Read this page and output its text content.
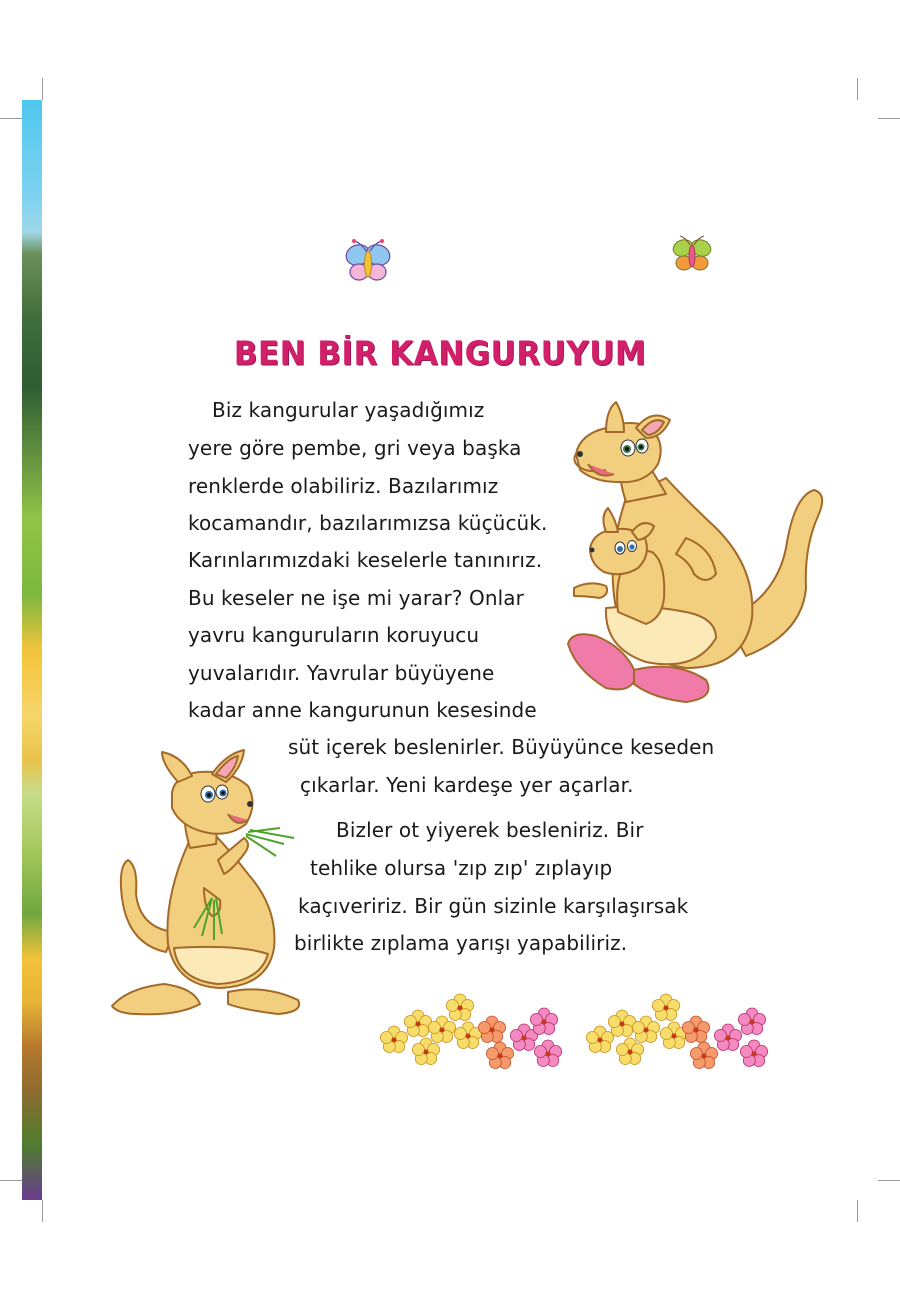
BEN BİR KANGURUYUM
Biz kangurular yaşadığımız
yere göre pembe, gri veya başka
renklerde olabiliriz. Bazılarımız
kocamandır, bazılarımızsa küçücük.
Karınlarımızdaki keselerle tanınırız.
Bu keseler ne işe mi yarar? Onlar
yavru kanguruların koruyucu
yuvalarıdır. Yavrular büyüyene
kadar anne kangurunun kesesinde
süt içerek beslenirler. Büyüyünce keseden
çıkarlar. Yeni kardeşe yer açarlar.
Bizler ot yiyerek besleniriz. Bir
tehlike olursa 'zıp zıp' zıplayıp
kaçıveririz. Bir gün sizinle karşılaşırsak
birlikte zıplama yarışı yapabiliriz.
